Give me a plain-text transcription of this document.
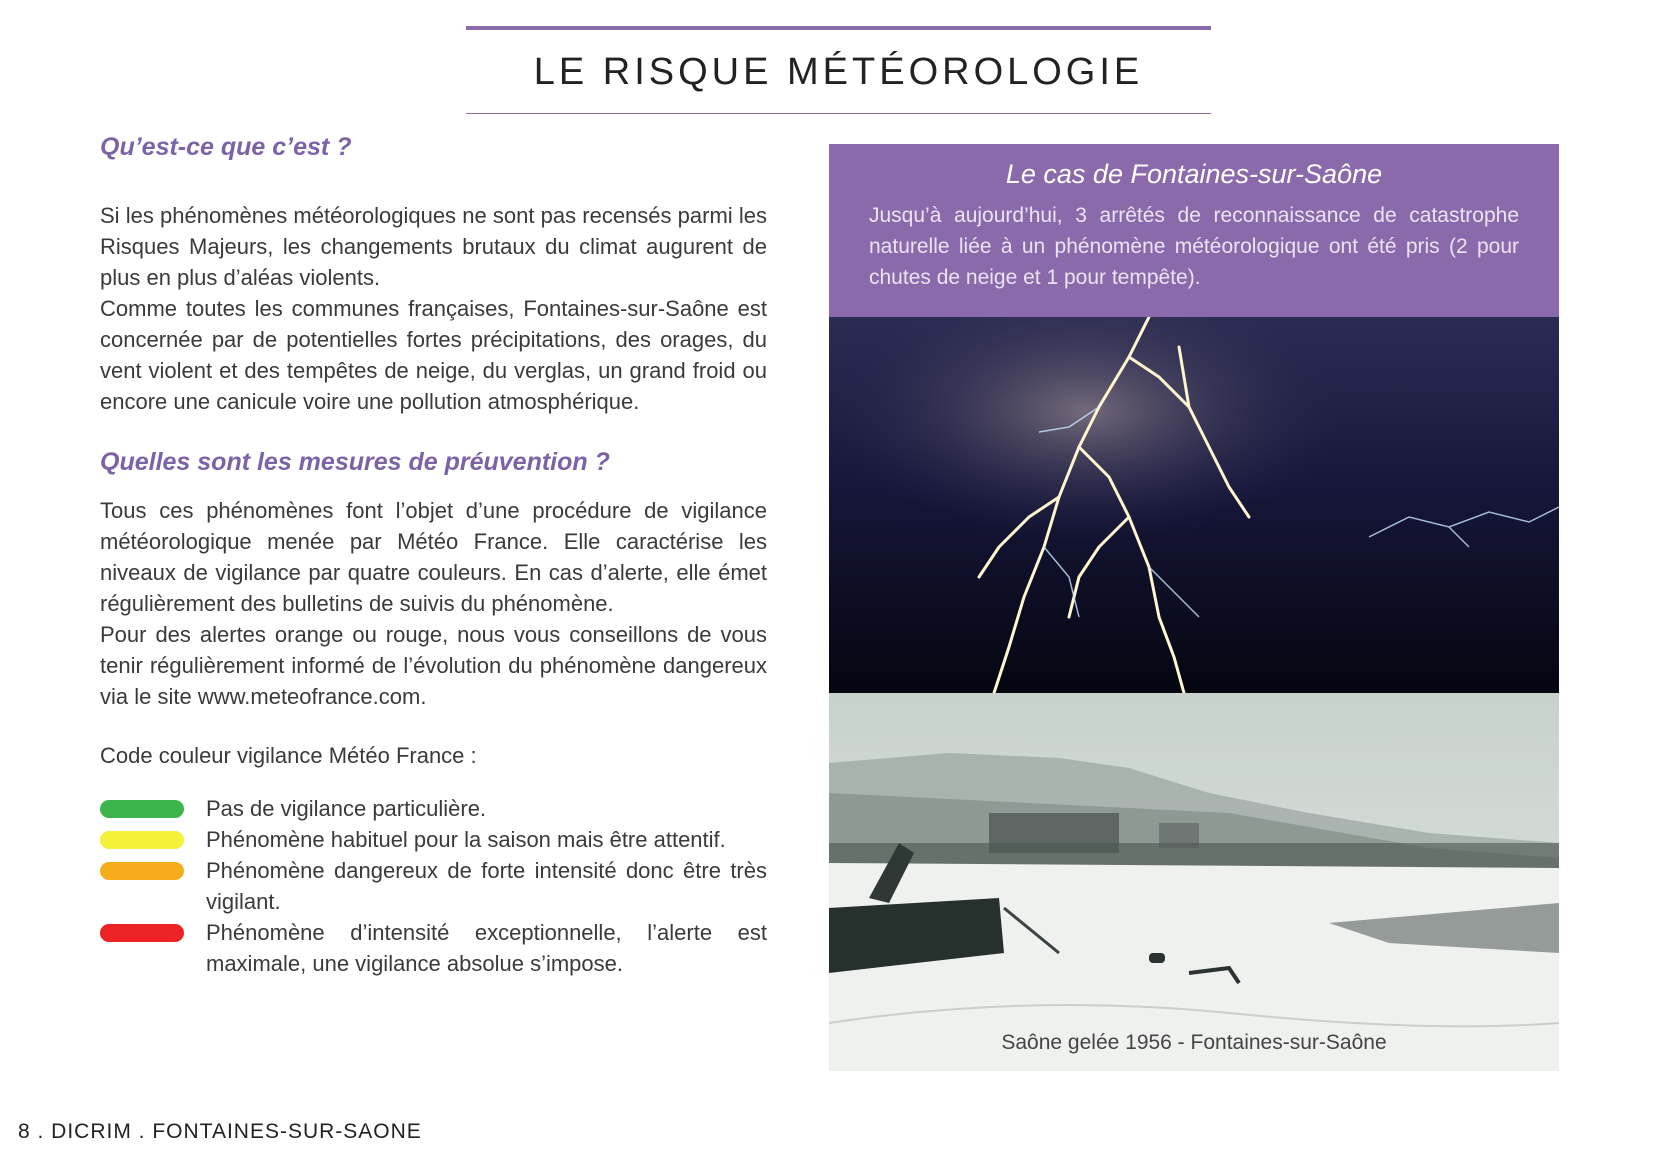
LE RISQUE MÉTÉOROLOGIE
Qu’est-ce que c’est ?

Si les phénomènes météorologiques ne sont pas recensés parmi les Risques Majeurs, les changements brutaux du climat augurent de plus en plus d’aléas violents.

Comme toutes les communes françaises, Fontaines-sur-Saône est concernée par de potentielles fortes précipitations, des orages, du vent violent et des tempêtes de neige, du verglas, un grand froid ou encore une canicule voire une pollution atmosphérique.

Quelles sont les mesures de préuvention ?

Tous ces phénomènes font l’objet d’une procédure de vigilance météorologique menée par Météo France. Elle caractérise les niveaux de vigilance par quatre couleurs. En cas d’alerte, elle émet régulièrement des bulletins de suivis du phénomène.

Pour des alertes orange ou rouge, nous vous conseillons de vous tenir régulièrement informé de l’évolution du phénomène dangereux via le site www.meteofrance.com.

Code couleur vigilance Météo France :

Pas de vigilance particulière.
Phénomène habituel pour la saison mais être attentif.
Phénomène dangereux de forte intensité donc être très vigilant.
Phénomène d’intensité exceptionnelle, l’alerte est maximale, une vigilance absolue s’impose.
Le cas de Fontaines-sur-Saône

Jusqu’à aujourd’hui, 3 arrêtés de reconnaissance de catastrophe naturelle liée à un phénomène météorologique ont été pris (2 pour chutes de neige et 1 pour tempête).

Saône gelée 1956 - Fontaines-sur-Saône

8 . DICRIM . FONTAINES-SUR-SAONE
